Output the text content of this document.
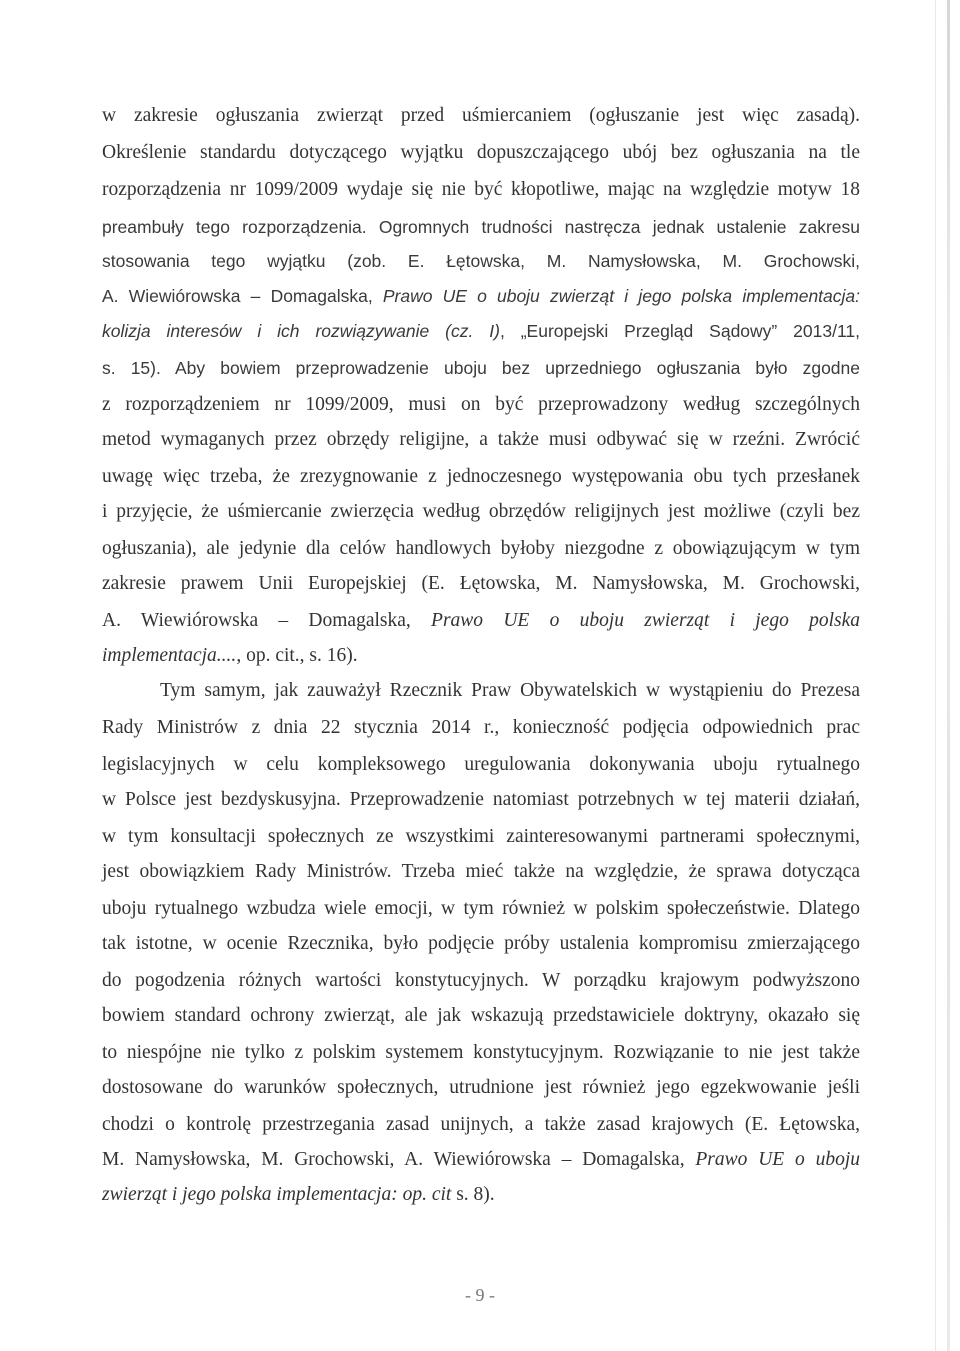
w zakresie ogłuszania zwierząt przed uśmiercaniem (ogłuszanie jest więc zasadą).

Określenie standardu dotyczącego wyjątku dopuszczającego ubój bez ogłuszania na tle

rozporządzenia nr 1099/2009 wydaje się nie być kłopotliwe, mając na względzie motyw 18

preambuły tego rozporządzenia. Ogromnych trudności nastręcza jednak ustalenie zakresu

stosowania tego wyjątku (zob. E. Łętowska, M. Namysłowska, M. Grochowski,

A. Wiewiórowska – Domagalska, Prawo UE o uboju zwierząt i jego polska implementacja:

kolizja interesów i ich rozwiązywanie (cz. I), „Europejski Przegląd Sądowy” 2013/11,

s. 15). Aby bowiem przeprowadzenie uboju bez uprzedniego ogłuszania było zgodne

z rozporządzeniem nr 1099/2009, musi on być przeprowadzony według szczególnych

metod wymaganych przez obrzędy religijne, a także musi odbywać się w rzeźni. Zwrócić

uwagę więc trzeba, że zrezygnowanie z jednoczesnego występowania obu tych przesłanek

i przyjęcie, że uśmiercanie zwierzęcia według obrzędów religijnych jest możliwe (czyli bez

ogłuszania), ale jedynie dla celów handlowych byłoby niezgodne z obowiązującym w tym

zakresie prawem Unii Europejskiej (E. Łętowska, M. Namysłowska, M. Grochowski,

A. Wiewiórowska – Domagalska, Prawo UE o uboju zwierząt i jego polska

implementacja...., op. cit., s. 16).

Tym samym, jak zauważył Rzecznik Praw Obywatelskich w wystąpieniu do Prezesa

Rady Ministrów z dnia 22 stycznia 2014 r., konieczność podjęcia odpowiednich prac

legislacyjnych w celu kompleksowego uregulowania dokonywania uboju rytualnego

w Polsce jest bezdyskusyjna. Przeprowadzenie natomiast potrzebnych w tej materii działań,

w tym konsultacji społecznych ze wszystkimi zainteresowanymi partnerami społecznymi,

jest obowiązkiem Rady Ministrów. Trzeba mieć także na względzie, że sprawa dotycząca

uboju rytualnego wzbudza wiele emocji, w tym również w polskim społeczeństwie. Dlatego

tak istotne, w ocenie Rzecznika, było podjęcie próby ustalenia kompromisu zmierzającego

do pogodzenia różnych wartości konstytucyjnych. W porządku krajowym podwyższono

bowiem standard ochrony zwierząt, ale jak wskazują przedstawiciele doktryny, okazało się

to niespójne nie tylko z polskim systemem konstytucyjnym. Rozwiązanie to nie jest także

dostosowane do warunków społecznych, utrudnione jest również jego egzekwowanie jeśli

chodzi o kontrolę przestrzegania zasad unijnych, a także zasad krajowych (E. Łętowska,

M. Namysłowska, M. Grochowski, A. Wiewiórowska – Domagalska, Prawo UE o uboju

zwierząt i jego polska implementacja: op. cit s. 8).

- 9 -
